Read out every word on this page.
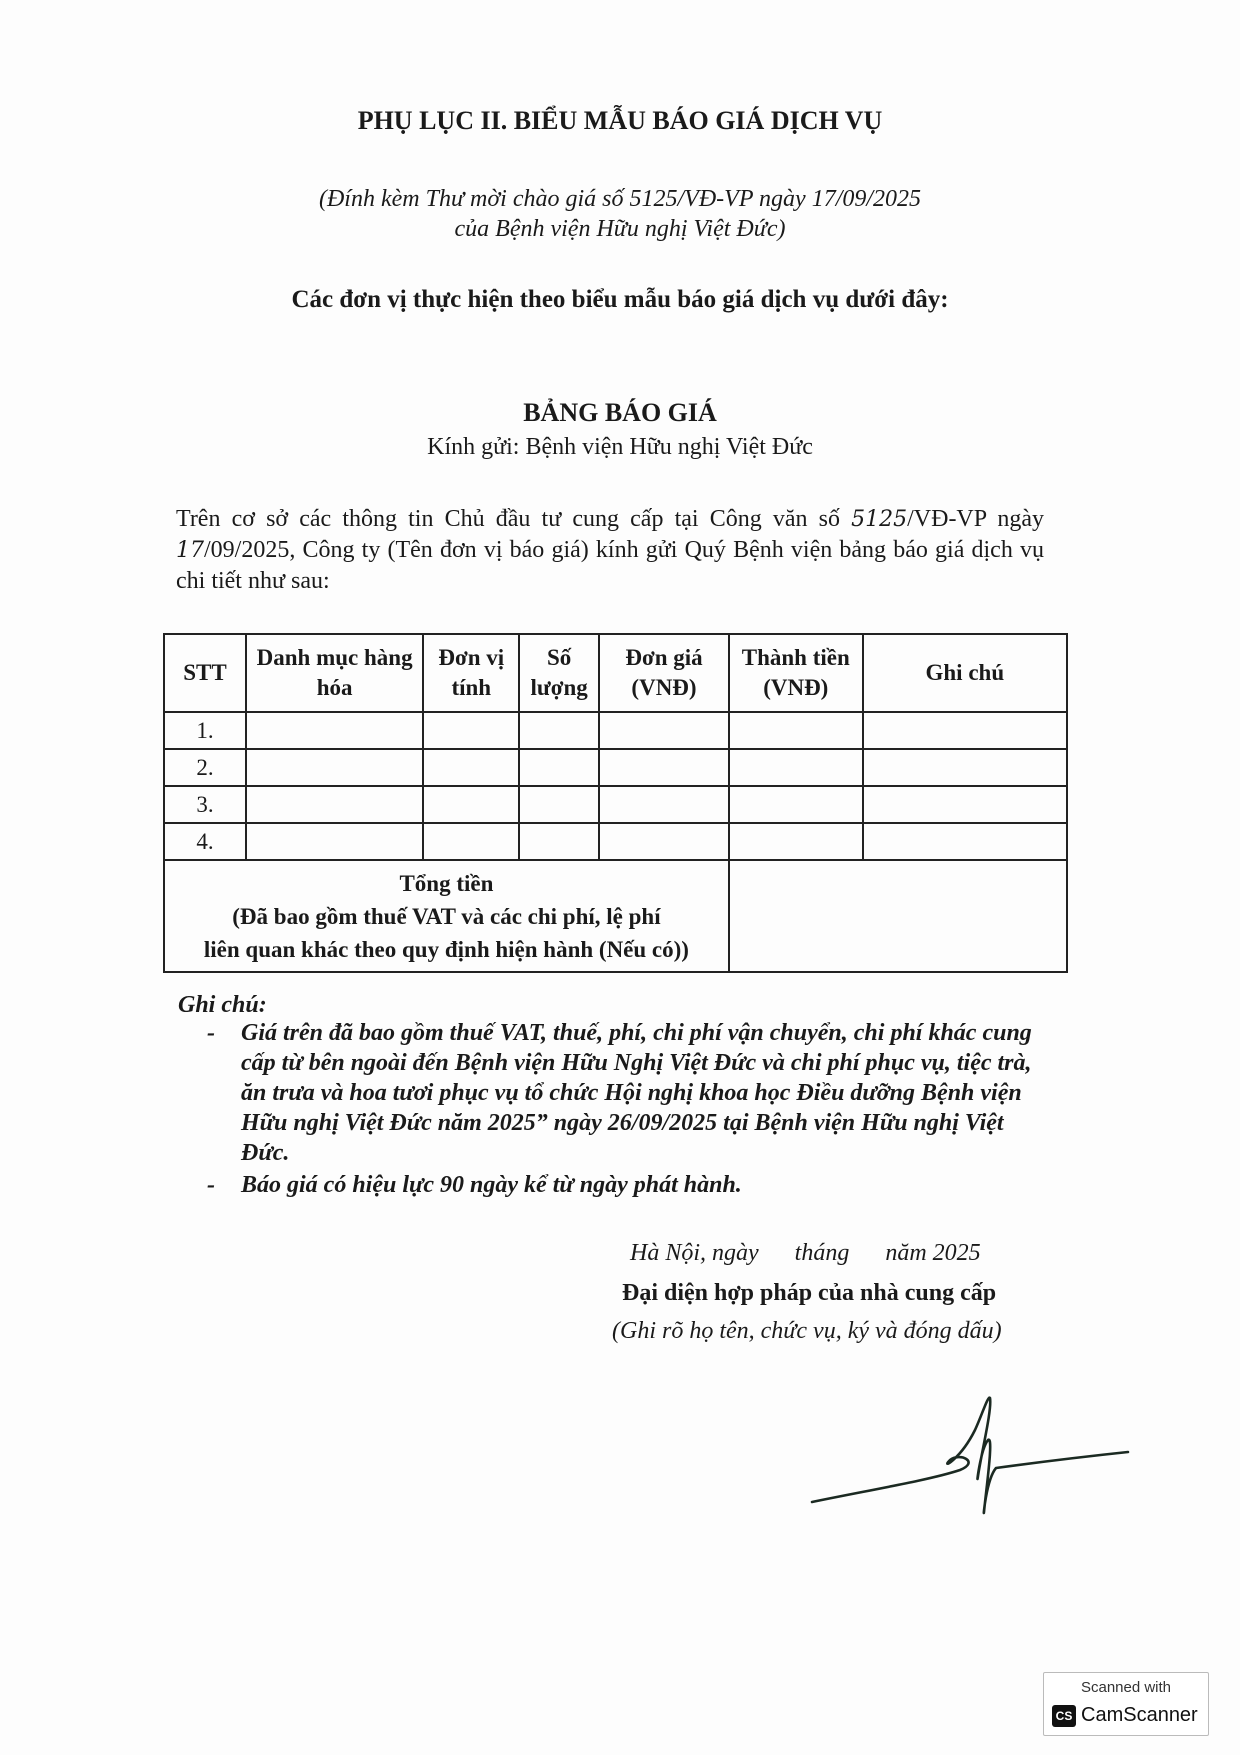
PHỤ LỤC II. BIỂU MẪU BÁO GIÁ DỊCH VỤ
(Đính kèm Thư mời chào giá số 5125/VĐ-VP ngày 17/09/2025
của Bệnh viện Hữu nghị Việt Đức)
Các đơn vị thực hiện theo biểu mẫu báo giá dịch vụ dưới đây:
BẢNG BÁO GIÁ
Kính gửi: Bệnh viện Hữu nghị Việt Đức
Trên cơ sở các thông tin Chủ đầu tư cung cấp tại Công văn số 5125/VĐ-VP ngày 17/09/2025, Công ty (Tên đơn vị báo giá) kính gửi Quý Bệnh viện bảng báo giá dịch vụ chi tiết như sau:
STT	Danh mục hàng hóa	Đơn vị tính	Số lượng	Đơn giá (VNĐ)	Thành tiền (VNĐ)	Ghi chú
1.						
2.						
3.						
4.						

Tổng tiền
(Đã bao gồm thuế VAT và các chi phí, lệ phí
liên quan khác theo quy định hiện hành (Nếu có))						

Ghi chú:
- Giá trên đã bao gồm thuế VAT, thuế, phí, chi phí vận chuyển, chi phí khác cung cấp từ bên ngoài đến Bệnh viện Hữu Nghị Việt Đức và chi phí phục vụ, tiệc trà, ăn trưa và hoa tươi phục vụ tổ chức Hội nghị khoa học Điều dưỡng Bệnh viện Hữu nghị Việt Đức năm 2025” ngày 26/09/2025 tại Bệnh viện Hữu nghị Việt Đức.
- Báo giá có hiệu lực 90 ngày kể từ ngày phát hành.
Hà Nội, ngày      tháng      năm 2025
Đại diện hợp pháp của nhà cung cấp
(Ghi rõ họ tên, chức vụ, ký và đóng dấu)
Scanned with
CS CamScanner
